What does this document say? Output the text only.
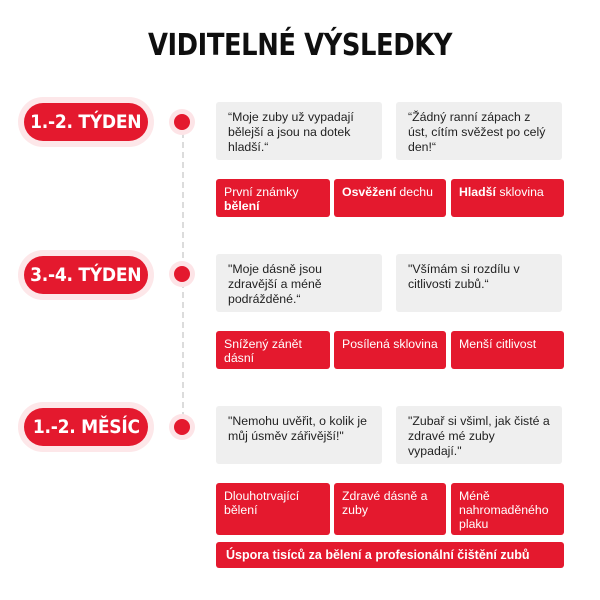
VIDITELNÉ VÝSLEDKY
1.-2. TÝDEN	“Moje zuby už vypadají bělejší a jsou na dotek hladší.“
“Žádný ranní zápach z úst, cítím svěžest po celý den!“
První známky bělení
Osvěžení dechu	Hladší sklovina
3.-4. TÝDEN	"Moje dásně jsou zdravější a méně podrážděné.“
"Všímám si rozdílu v citlivosti zubů.“
Snížený zánět dásní
Posílená sklovina	Menší citlivost
1.-2. MĚSÍC	"Nemohu uvěřit, o kolik je můj úsměv zářivější!"
"Zubař si všiml, jak čisté a zdravé mé zuby vypadají."
Dlouhotrvající bělení
Zdravé dásně a zuby
Méně nahromaděného plaku
Úspora tisíců za bělení a profesionální čištění zubů
